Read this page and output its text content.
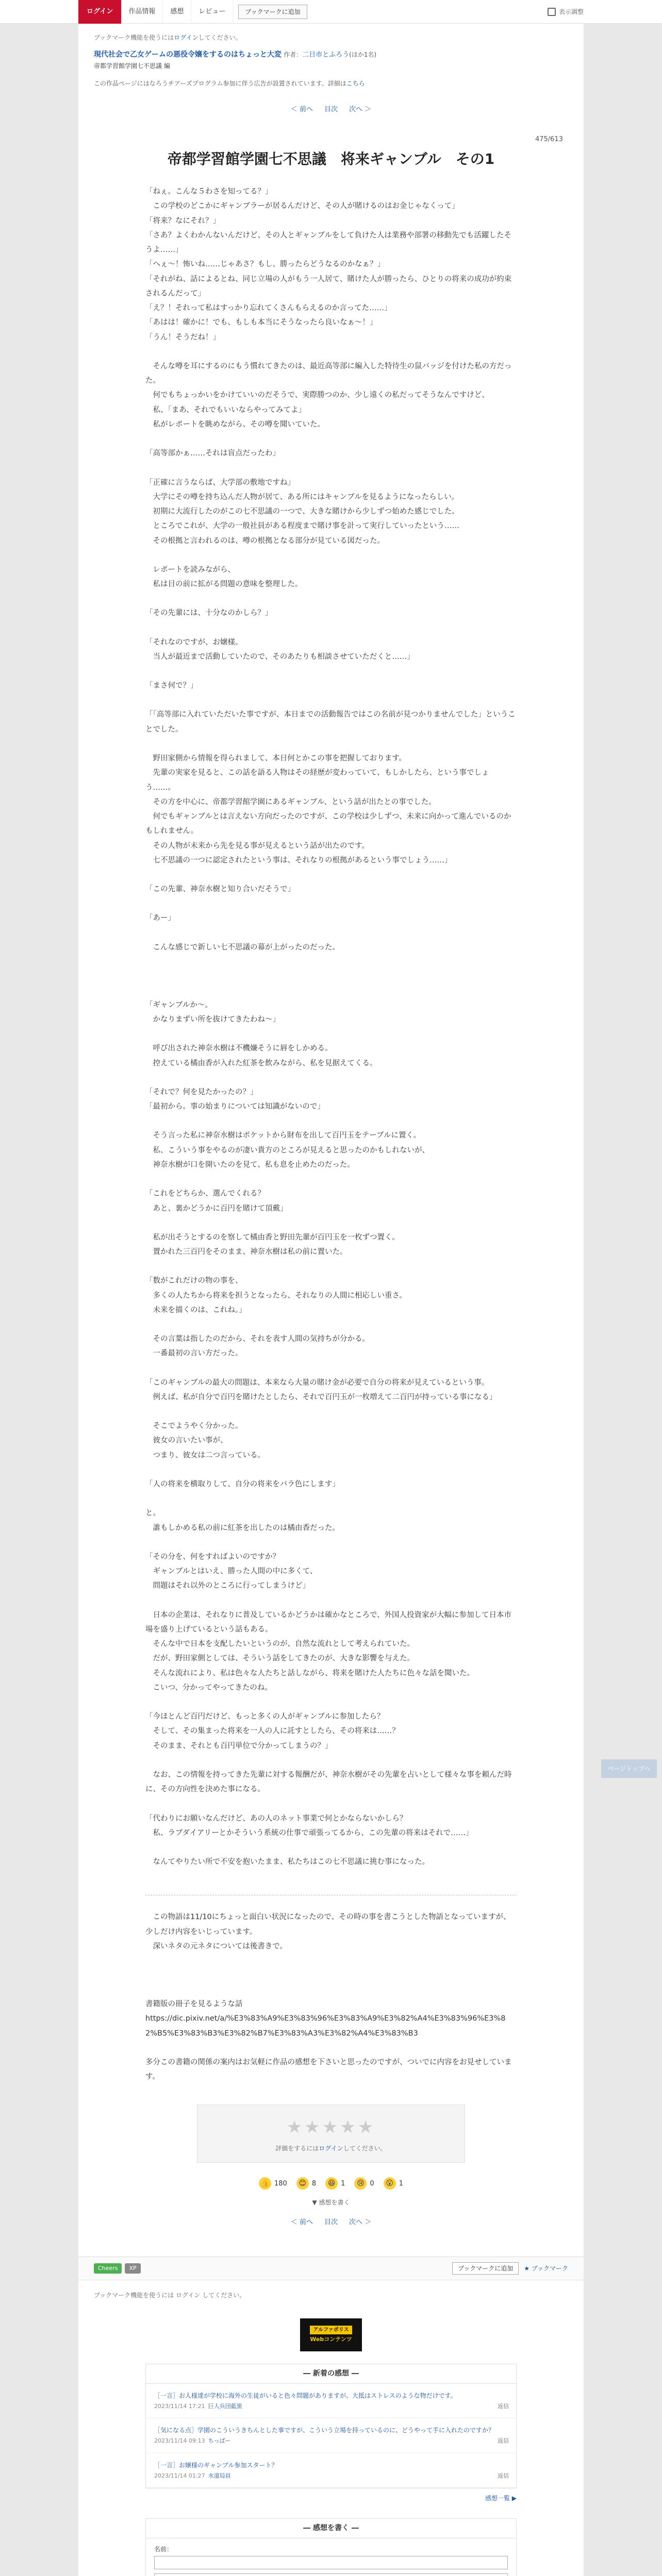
ログイン	作品情報	感想	レビュー	ブックマークに追加	表示調整
ブックマーク機能を使うにはログインしてください。
現代社会で乙女ゲームの悪役令嬢をするのはちょっと大変 作者：二日市とふろう(ほか1名)
帝都学習館学園七不思議 編
この作品ページにはなろうチアーズプログラム参加に伴う広告が設置されています。詳細はこちら
＜ 前へ 目次 次へ ＞
475/613
帝都学習館学園七不思議　将来ギャンブル　その1

「ねぇ。こんな５わさを知ってる？」

　この学校のどこかにギャンブラーが居るんだけど、その人が賭けるのはお金じゃなくって」

「将来？なにそれ？」

「さあ？よくわかんないんだけど、その人とギャンブルをして負けた人は業務や部署の移動先でも活躍したそうよ……」

「へぇ〜！怖いね……じゃあさ？もし、勝ったらどうなるのかなぁ？」

「それがね、話によるとね、同じ立場の人がもう一人居て、賭けた人が勝ったら、ひとりの将来の成功が約束されるんだって」

「え？！それって私はすっかり忘れてくさんもらえるのか言ってた……」

「あはは！確かに！でも、もしも本当にそうなったら良いなぁ〜！」

「うん！そうだね！」

　そんな噂を耳にするのにもう慣れてきたのは、最近高等部に編入した特待生の鼠バッジを付けた私の方だった。

　何でもちょっかいをかけていいのだそうで、実際勝つのか、少し遠くの私だってそうなんですけど、

　私、「まあ、それでもいいならやってみてよ」

　私がレポートを眺めながら、その噂を聞いていた。

「高等部かぁ……それは盲点だったわ」

「正確に言うならば、大学部の敷地ですね」

　大学にその噂を持ち込んだ人物が居て、ある所にはキャンブルを見るようになったらしい。

　初期に大流行したのがこの七不思議の一つで、大きな賭けから少しずつ始めた感じでした。

　ところでこれが、大学の一般社員がある程度まで賭け事を計って実行していったという……

　その根拠と言われるのは、噂の根拠となる部分が見ている図だった。

　レポートを読みながら、

　私は目の前に拡がる問題の意味を整理した。

「その先輩には、十分なのかしら？」

「それなのですが、お嬢様。

　当人が最近まで活動していたので、そのあたりも相談させていただくと……」

「まさ何で？」

「「高等部に入れていただいた事ですが、本日までの活動報告ではこの名前が見つかりませんでした」ということでした。

　野田家側から情報を得られまして、本日何とかこの事を把握しております。

　先輩の実家を見ると、この話を語る人物はその経歴が変わっていて、もしかしたら、という事でしょう……。

　その方を中心に、帝都学習館学園にあるギャンブル、という話が出たとの事でした。

　何でもギャンブルとは言えない方向だったのですが、この学校は少しずつ、未来に向かって進んでいるのかもしれません。

　その人物が未来から先を見る事が見えるという話が出たのです。

　七不思議の一つに認定されたという事は、それなりの根拠があるという事でしょう……」

「この先輩、神奈水樹と知り合いだそうで」

「あー」

　こんな感じで新しい七不思議の幕が上がったのだった。

「ギャンブルか〜。

　かなりまずい所を抜けてきたわね〜」

　呼び出された神奈水樹は不機嫌そうに唇をしかめる。

　控えている橘由香が入れた紅茶を飲みながら、私を見据えてくる。

「それで？何を見たかったの？」

「最初から。事の始まりについては知識がないので」

　そう言った私に神奈水樹はポケットから財布を出して百円玉をテーブルに置く。

　私、こういう事をやるのが凄い貴方のところが見えると思ったのかもしれないが、

　神奈水樹が口を開いたのを見て、私も息を止めたのだった。

「これをどちらか、選んでくれる？

　あと、裏かどうかに百円を賭けて頂戴」

　私が出そうとするのを察して橘由香と野田先輩が百円玉を一枚ずつ置く。

　置かれた三百円をそのまま、神奈水樹は私の前に置いた。

「数がこれだけの物の事を、

　多くの人たちから将来を担うとなったら、それなりの人間に相応しい重さ。

　未来を描くのは、これね。」

　その言葉は指したのだから、それを表す人間の気持ちが分かる。

　一番最初の言い方だった。

「このギャンブルの最大の問題は、本来なら大量の賭け金が必要で自分の将来が見えているという事。

　例えば、私が自分で百円を賭けたとしたら、それで百円玉が一枚増えて二百円が持っている事になる」

　そこでようやく分かった。

　彼女の言いたい事が、

　つまり、彼女は二つ言っている。

「人の将来を横取りして、自分の将来をバラ色にします」

と。

　誰もしかめる私の前に紅茶を出したのは橘由香だった。

「その分を、何をすればよいのですか？

　ギャンブルとはいえ、勝った人間の中に多くて、

　問題はそれ以外のところに行ってしまうけど」

　日本の企業は、それなりに普及しているかどうかは確かなところで、外国人投資家が大幅に参加して日本市場を盛り上げているという話もある。

　そんな中で日本を支配したいというのが、自然な流れとして考えられていた。

　だが、野田家側としては、そういう話をしてきたのが、大きな影響を与えた。

　そんな流れにより、私は色々な人たちと話しながら、将来を賭けた人たちに色々な話を聞いた。

　こいつ、分かってやってきたのね。

「今ほとんど百円だけど、もっと多くの人がギャンブルに参加したら？

　そして、その集まった将来を一人の人に託すとしたら、その将来は……？

　そのまま、それとも百円単位で分かってしまうの？」

　なお、この情報を持ってきた先輩に対する報酬だが、神奈水樹がその先輩を占いとして様々な事を頼んだ時に、その方向性を決めた事になる。

「代わりにお願いなんだけど、あの人のネット事業で何とかならないかしら？

　私、ラブダイアリーとかそういう系統の仕事で頑張ってるから、この先輩の将来はそれで……」

　なんてやりたい所で不安を抱いたまま、私たちはこの七不思議に挑む事になった。

　この物語は11/10にちょっと面白い状況になったので、その時の事を書こうとした物語となっていますが、少しだけ内容をいじっています。

　深いネタの元ネタについては後書きで。

書籍版の冊子を見るような話

https://dic.pixiv.net/a/%E3%83%A9%E3%83%96%E3%83%A9%E3%82%A4%E3%83%96%E3%82%B5%E3%83%B3%E3%82%B7%E3%83%A3%E3%82%A4%E3%83%B3

多分この書籍の関係の案内はお気軽に作品の感想を下さいと思ったのですが、ついでに内容をお見せしています。

★★★★★
評価をするにはログインしてください。
👍 180	😊 8	😆 1	😢 0	😮 1
▼ 感想を書く
＜ 前へ 目次 次へ ＞
Cheers	XP	ブックマークに追加	★ ブックマーク
ブックマーク機能を使うには ログイン してください。
アルファポリス
Webコンテンツ
― 新着の感想 ―
［一言］お人様達が学校に海外の生徒がいると色々問題がありますが、大抵はストレスのような物だけです。
2023/11/14 17:21 巨人兵団藍黒	返信
［気になる点］学園のこういうきちんとした事ですが、こういう立場を持っているのに、どうやって手に入れたのですか？
2023/11/14 09:13 ちっぱー	返信
［一言］お嬢様のギャンブル参加スタート？
2023/11/14 01:27 水道局員	返信
感想一覧 ▶
― 感想を書く ―
名前：
ページトップへ
